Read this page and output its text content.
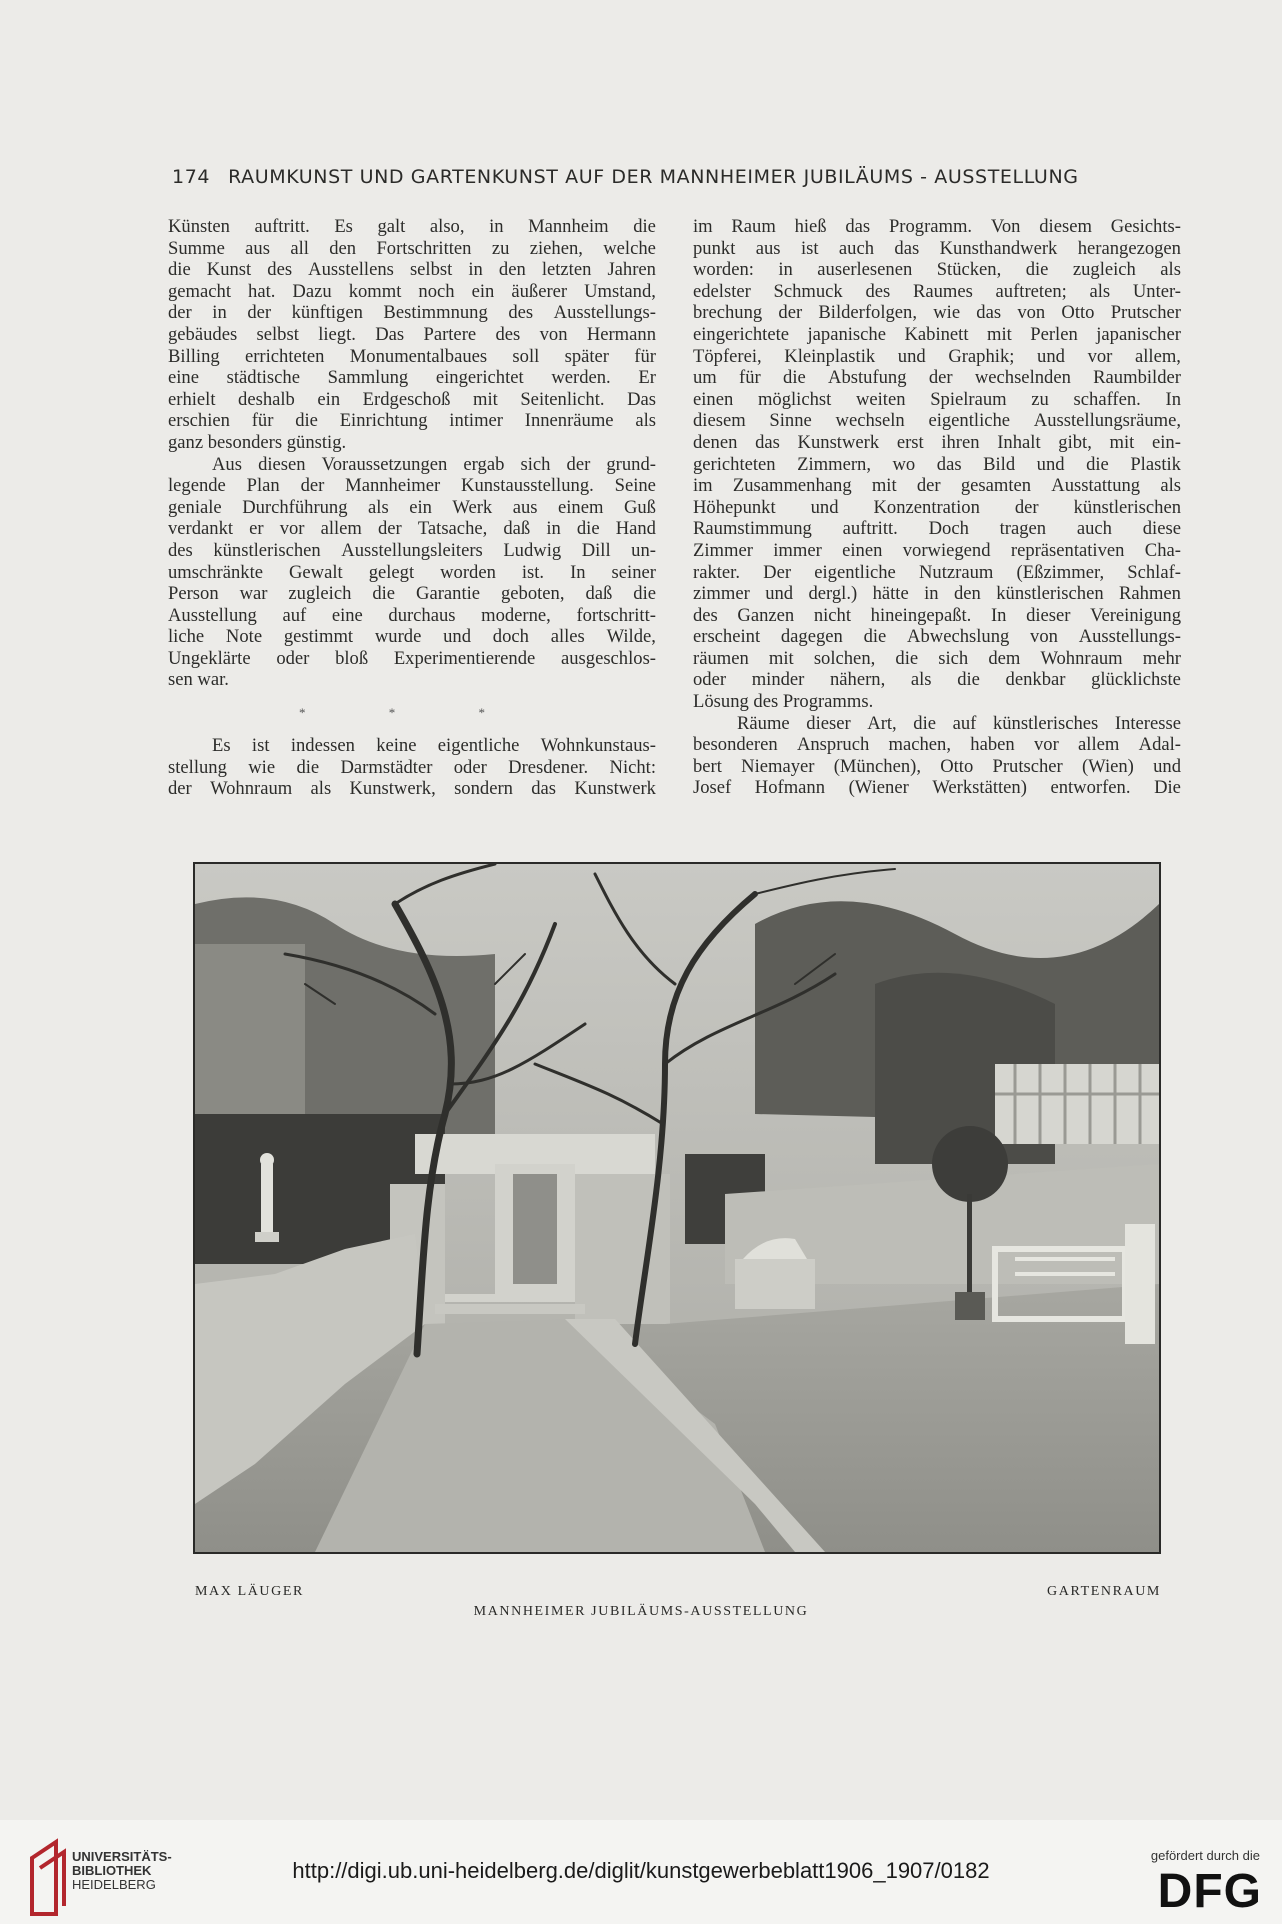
174 RAUMKUNST UND GARTENKUNST AUF DER MANNHEIMER JUBILÄUMS - AUSSTELLUNG
Künsten auftritt. Es galt also, in Mannheim die
Summe aus all den Fortschritten zu ziehen, welche
die Kunst des Ausstellens selbst in den letzten Jahren
gemacht hat. Dazu kommt noch ein äußerer Umstand,
der in der künftigen Bestimmnung des Ausstellungs-
gebäudes selbst liegt. Das Partere des von Hermann
Billing errichteten Monumentalbaues soll später für
eine städtische Sammlung eingerichtet werden. Er
erhielt deshalb ein Erdgeschoß mit Seitenlicht. Das
erschien für die Einrichtung intimer Innenräume als
ganz besonders günstig.
Aus diesen Voraussetzungen ergab sich der grund-
legende Plan der Mannheimer Kunstausstellung. Seine
geniale Durchführung als ein Werk aus einem Guß
verdankt er vor allem der Tatsache, daß in die Hand
des künstlerischen Ausstellungsleiters Ludwig Dill un-
umschränkte Gewalt gelegt worden ist. In seiner
Person war zugleich die Garantie geboten, daß die
Ausstellung auf eine durchaus moderne, fortschritt-
liche Note gestimmt wurde und doch alles Wilde,
Ungeklärte oder bloß Experimentierende ausgeschlos-
sen war.
* * *
Es ist indessen keine eigentliche Wohnkunstaus-
stellung wie die Darmstädter oder Dresdener. Nicht:
der Wohnraum als Kunstwerk, sondern das Kunstwerk
im Raum hieß das Programm. Von diesem Gesichts-
punkt aus ist auch das Kunsthandwerk herangezogen
worden: in auserlesenen Stücken, die zugleich als
edelster Schmuck des Raumes auftreten; als Unter-
brechung der Bilderfolgen, wie das von Otto Prutscher
eingerichtete japanische Kabinett mit Perlen japanischer
Töpferei, Kleinplastik und Graphik; und vor allem,
um für die Abstufung der wechselnden Raumbilder
einen möglichst weiten Spielraum zu schaffen. In
diesem Sinne wechseln eigentliche Ausstellungsräume,
denen das Kunstwerk erst ihren Inhalt gibt, mit ein-
gerichteten Zimmern, wo das Bild und die Plastik
im Zusammenhang mit der gesamten Ausstattung als
Höhepunkt und Konzentration der künstlerischen
Raumstimmung auftritt. Doch tragen auch diese
Zimmer immer einen vorwiegend repräsentativen Cha-
rakter. Der eigentliche Nutzraum (Eßzimmer, Schlaf-
zimmer und dergl.) hätte in den künstlerischen Rahmen
des Ganzen nicht hineingepaßt. In dieser Vereinigung
erscheint dagegen die Abwechslung von Ausstellungs-
räumen mit solchen, die sich dem Wohnraum mehr
oder minder nähern, als die denkbar glücklichste
Lösung des Programms.
Räume dieser Art, die auf künstlerisches Interesse
besonderen Anspruch machen, haben vor allem Adal-
bert Niemayer (München), Otto Prutscher (Wien) und
Josef Hofmann (Wiener Werkstätten) entworfen. Die
MAX LÄUGER	GARTENRAUM
MANNHEIMER JUBILÄUMS-AUSSTELLUNG
UNIVERSITÄTS-
BIBLIOTHEK
HEIDELBERG
http://digi.ub.uni-heidelberg.de/diglit/kunstgewerbeblatt1906_1907/0182
gefördert durch die
DFG
